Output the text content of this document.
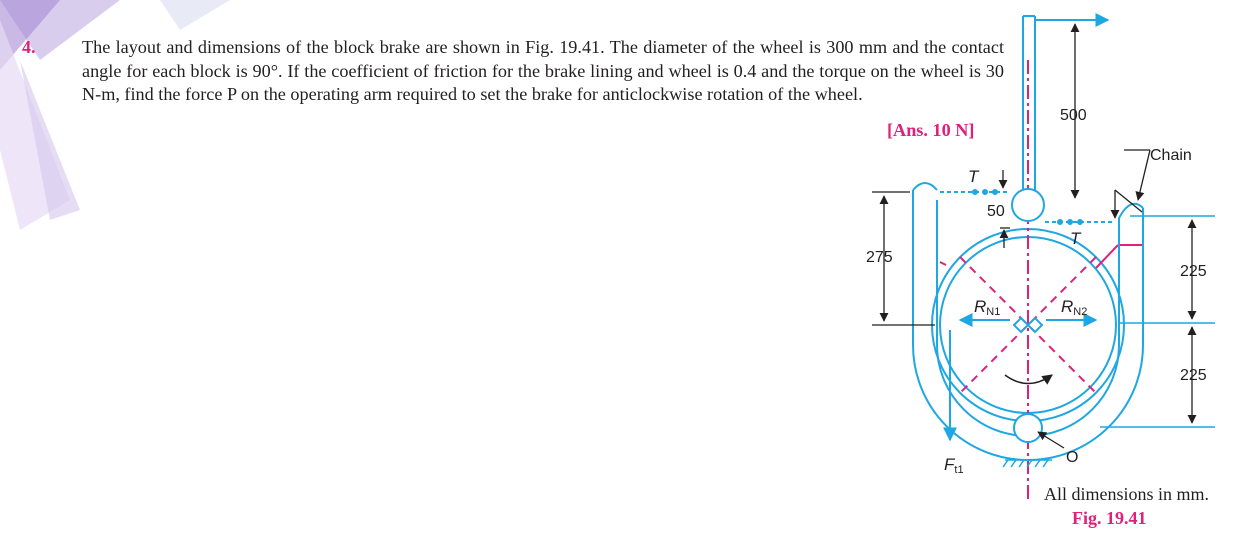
4.	The layout and dimensions of the block brake are shown in Fig. 19.41. The diameter of the wheel is 300 mm and the contact angle for each block is 90°. If the coefficient of friction for the brake lining and wheel is 0.4 and the torque on the wheel is 30 N-m, find the force P on the operating arm required to set the brake for anticlockwise rotation of the wheel.
[Ans. 10 N]
500
Chain
50
275
225
225
T
T
RN1	RN2
Ft1
O
All dimensions in mm.
Fig. 19.41
